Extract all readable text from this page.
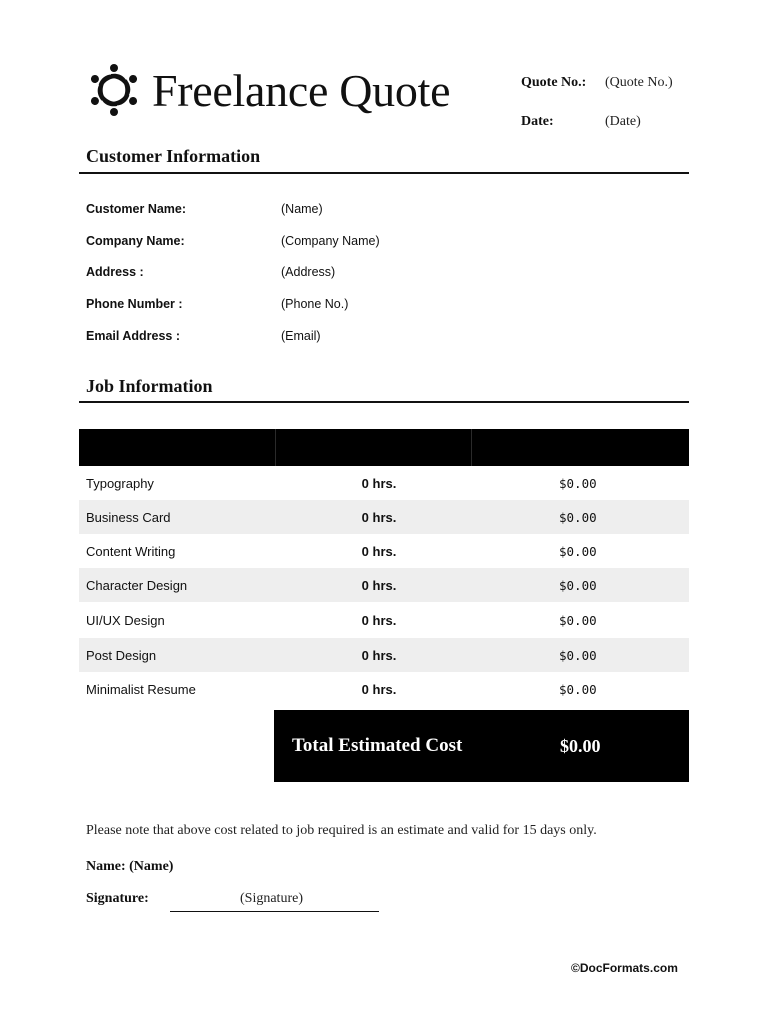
Freelance Quote	Quote No.: (Quote No.)
Date:	(Date)
Customer Information
Customer Name:	(Name)
Company Name:	(Company Name)
Address :	(Address)
Phone Number :	(Phone No.)
Email Address :	(Email)
Job Information
Typography	0 hrs.	$0.00
Business Card	0 hrs.	$0.00
Content Writing	0 hrs.	$0.00
Character Design	0 hrs.	$0.00
UI/UX Design	0 hrs.	$0.00
Post Design	0 hrs.	$0.00
Minimalist Resume	0 hrs.	$0.00
Total Estimated Cost	$0.00
Please note that above cost related to job required is an estimate and valid for 15 days only.
Name: (Name)
Signature:	(Signature)
©DocFormats.com
